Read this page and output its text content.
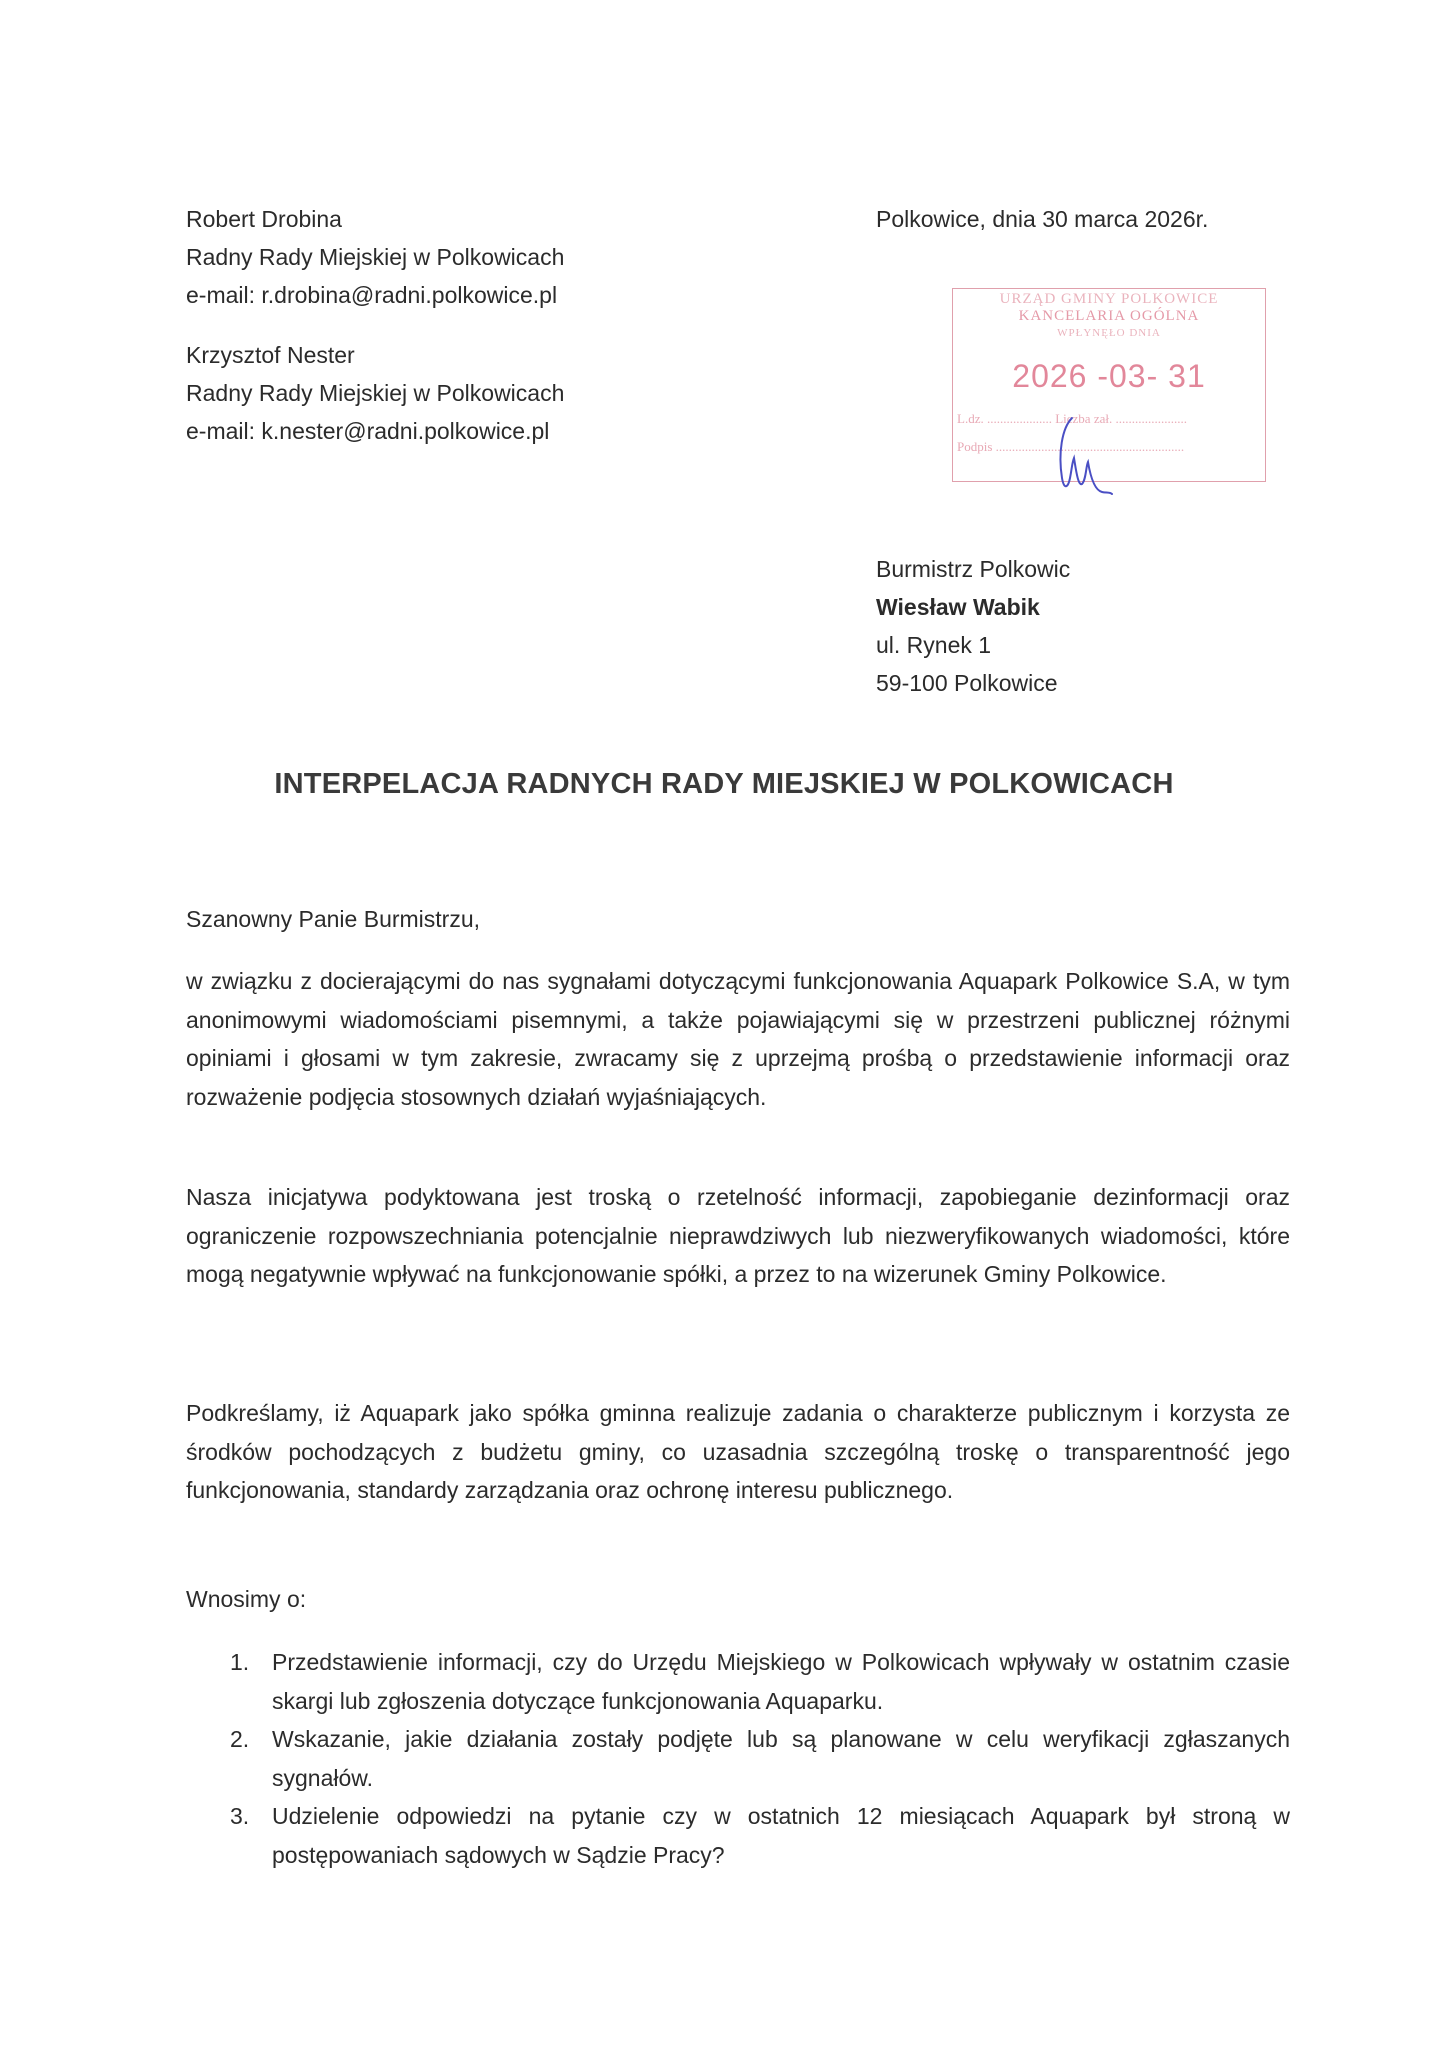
Robert Drobina
Radny Rady Miejskiej w Polkowicach
e-mail: r.drobina@radni.polkowice.pl
Krzysztof Nester
Radny Rady Miejskiej w Polkowicach
e-mail: k.nester@radni.polkowice.pl
Polkowice, dnia 30 marca 2026r.
URZĄD GMINY POLKOWICE
KANCELARIA OGÓLNA
WPŁYNĘŁO DNIA
2026 -03- 31
L.dz. .................... Liczba zał. ......................
Podpis ..........................................................
Burmistrz Polkowic
Wiesław Wabik
ul. Rynek 1
59-100 Polkowice
INTERPELACJA RADNYCH RADY MIEJSKIEJ W POLKOWICACH
Szanowny Panie Burmistrzu,
w związku z docierającymi do nas sygnałami dotyczącymi funkcjonowania Aquapark Polkowice S.A, w tym anonimowymi wiadomościami pisemnymi, a także pojawiającymi się w przestrzeni publicznej różnymi opiniami i głosami w tym zakresie, zwracamy się z uprzejmą prośbą o przedstawienie informacji oraz rozważenie podjęcia stosownych działań wyjaśniających.
Nasza inicjatywa podyktowana jest troską o rzetelność informacji, zapobieganie dezinformacji oraz ograniczenie rozpowszechniania potencjalnie nieprawdziwych lub niezweryfikowanych wiadomości, które mogą negatywnie wpływać na funkcjonowanie spółki, a przez to na wizerunek Gminy Polkowice.
Podkreślamy, iż Aquapark jako spółka gminna realizuje zadania o charakterze publicznym i korzysta ze środków pochodzących z budżetu gminy, co uzasadnia szczególną troskę o transparentność jego funkcjonowania, standardy zarządzania oraz ochronę interesu publicznego.
Wnosimy o:
1. Przedstawienie informacji, czy do Urzędu Miejskiego w Polkowicach wpływały w ostatnim czasie skargi lub zgłoszenia dotyczące funkcjonowania Aquaparku.
2. Wskazanie, jakie działania zostały podjęte lub są planowane w celu weryfikacji zgłaszanych sygnałów.
3. Udzielenie odpowiedzi na pytanie czy w ostatnich 12 miesiącach Aquapark był stroną w postępowaniach sądowych w Sądzie Pracy?
